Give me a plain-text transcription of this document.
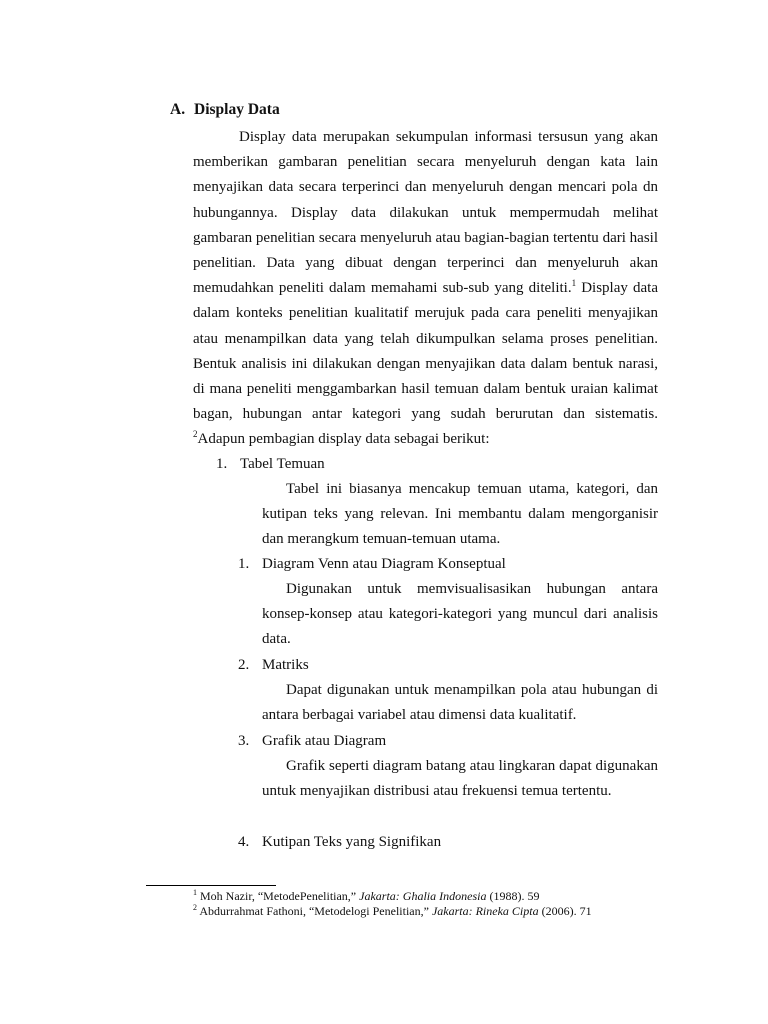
A. Display Data

Display data merupakan sekumpulan informasi tersusun yang akan memberikan gambaran penelitian secara menyeluruh dengan kata lain menyajikan data secara terperinci dan menyeluruh dengan mencari pola dn hubungannya. Display data dilakukan untuk mempermudah melihat gambaran penelitian secara menyeluruh atau bagian-bagian tertentu dari hasil penelitian. Data yang dibuat dengan terperinci dan menyeluruh akan memudahkan peneliti dalam memahami sub-sub yang diteliti.$^1$ Display data dalam konteks penelitian kualitatif merujuk pada cara peneliti menyajikan atau menampilkan data yang telah dikumpulkan selama proses penelitian. Bentuk analisis ini dilakukan dengan menyajikan data dalam bentuk narasi, di mana peneliti menggambarkan hasil temuan dalam bentuk uraian kalimat bagan, hubungan antar kategori yang sudah berurutan dan sistematis. $^2$Adapun pembagian display data sebagai berikut:

1. Tabel Temuan

Tabel ini biasanya mencakup temuan utama, kategori, dan kutipan teks yang relevan. Ini membantu dalam mengorganisir dan merangkum temuan-temuan utama.

1. Diagram Venn atau Diagram Konseptual

Digunakan untuk memvisualisasikan hubungan antara konsep-konsep atau kategori-kategori yang muncul dari analisis data.

2. Matriks

Dapat digunakan untuk menampilkan pola atau hubungan di antara berbagai variabel atau dimensi data kualitatif.

3. Grafik atau Diagram

Grafik seperti diagram batang atau lingkaran dapat digunakan untuk menyajikan distribusi atau frekuensi temua tertentu.

4. Kutipan Teks yang Signifikan

$^1$ Moh Nazir, “MetodePenelitian,” Jakarta: Ghalia Indonesia (1988). 59

$^2$ Abdurrahmat Fathoni, “Metodelogi Penelitian,” Jakarta: Rineka Cipta (2006). 71
